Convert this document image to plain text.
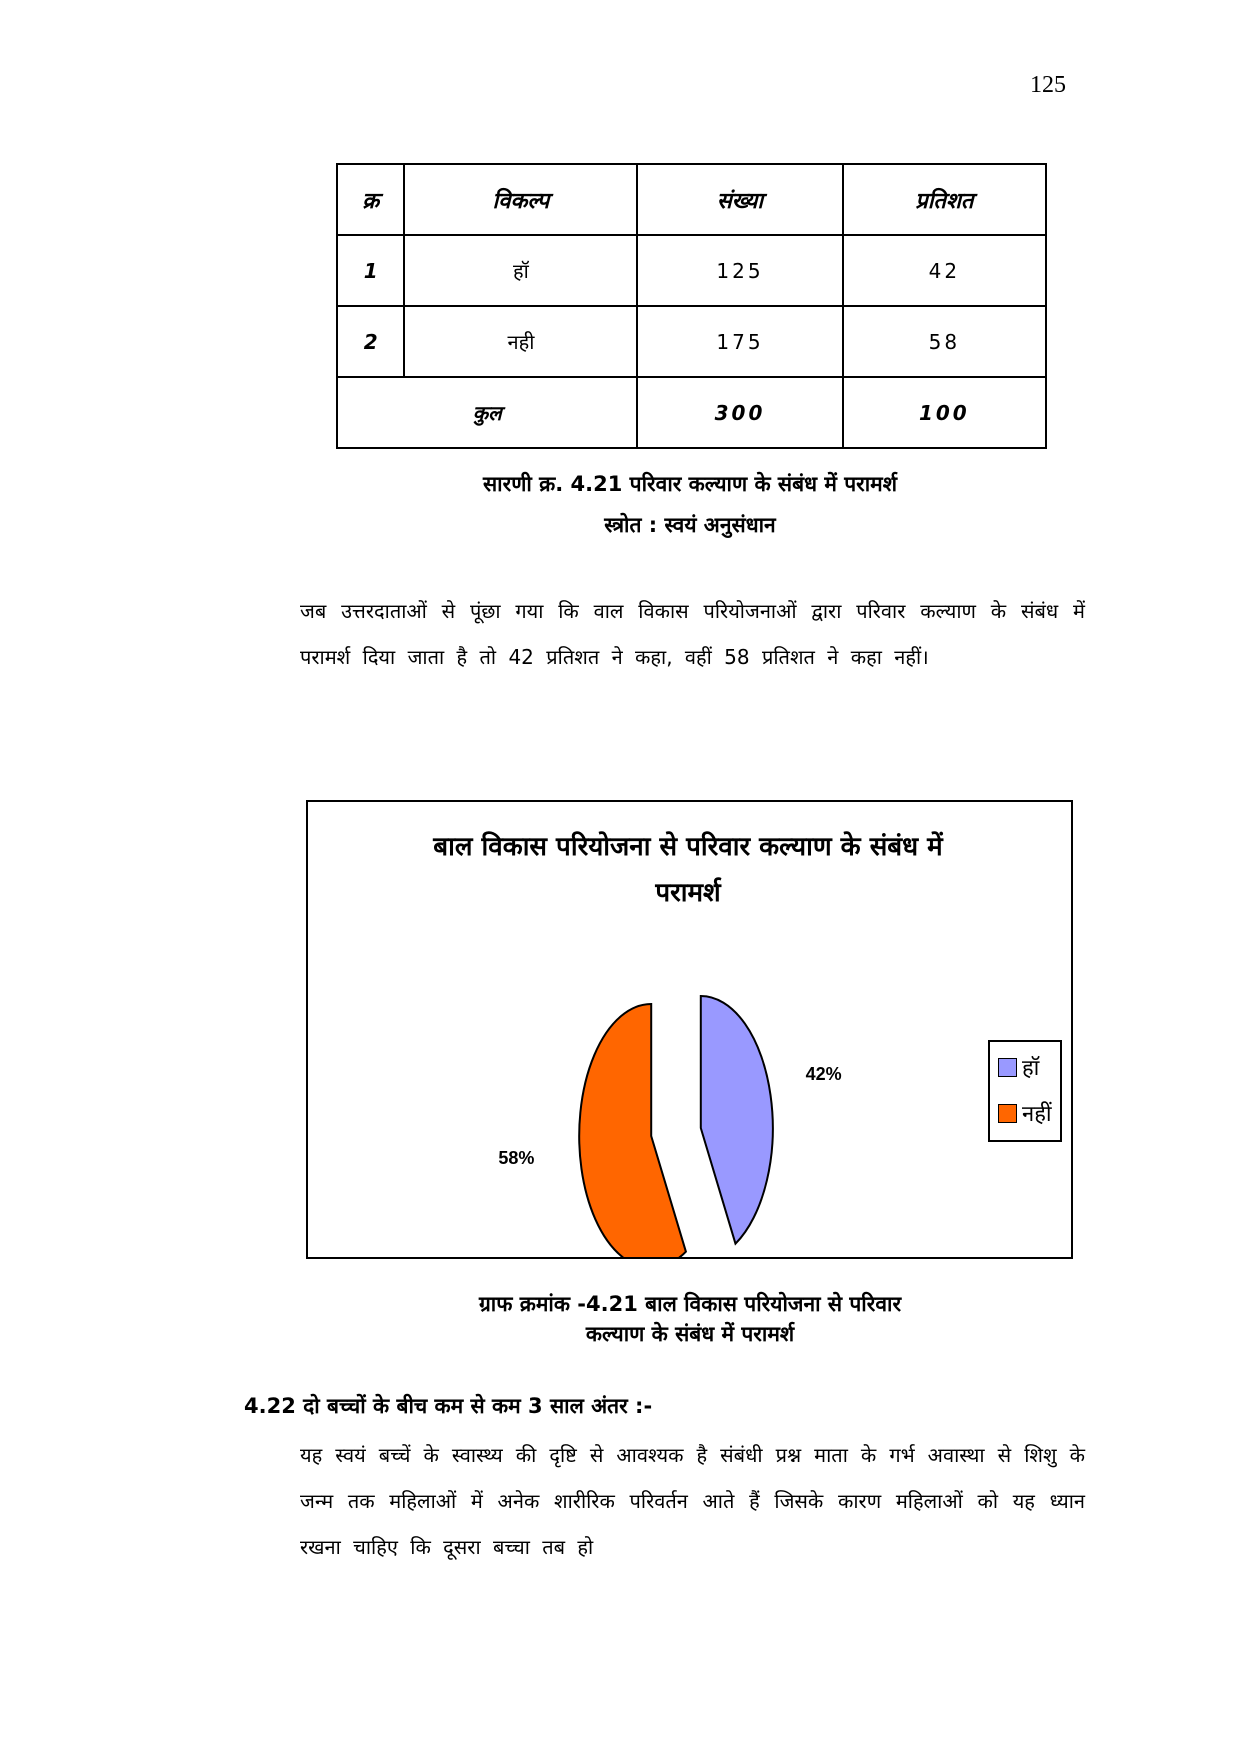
125
क्र	विकल्प	संख्या	प्रतिशत
1	हॉ	125	42
2	नही	175	58
कुल		300	100
सारणी क्र. 4.21 परिवार कल्याण के संबंध में परामर्श
स्त्रोत : स्वयं अनुसंधान
जब उत्तरदाताओं से पूंछा गया कि वाल विकास परियोजनाओं द्वारा परिवार कल्याण के संबंध में परामर्श दिया जाता है तो 42 प्रतिशत ने कहा, वहीं 58 प्रतिशत ने कहा नहीं।
बाल विकास परियोजना से परिवार कल्याण के संबंध में
परामर्श
42%
58%
हॉ
नहीं
ग्राफ क्रमांक -4.21 बाल विकास परियोजना से परिवार
कल्याण के संबंध में परामर्श
4.22 दो बच्चों के बीच कम से कम 3 साल अंतर :-
यह स्वयं बच्चें के स्वास्थ्य की दृष्टि से आवश्यक है संबंधी प्रश्न माता के गर्भ अवास्था से शिशु के जन्म तक महिलाओं में अनेक शारीरिक परिवर्तन आते हैं जिसके कारण महिलाओं को यह ध्यान रखना चाहिए कि दूसरा बच्चा तब हो
